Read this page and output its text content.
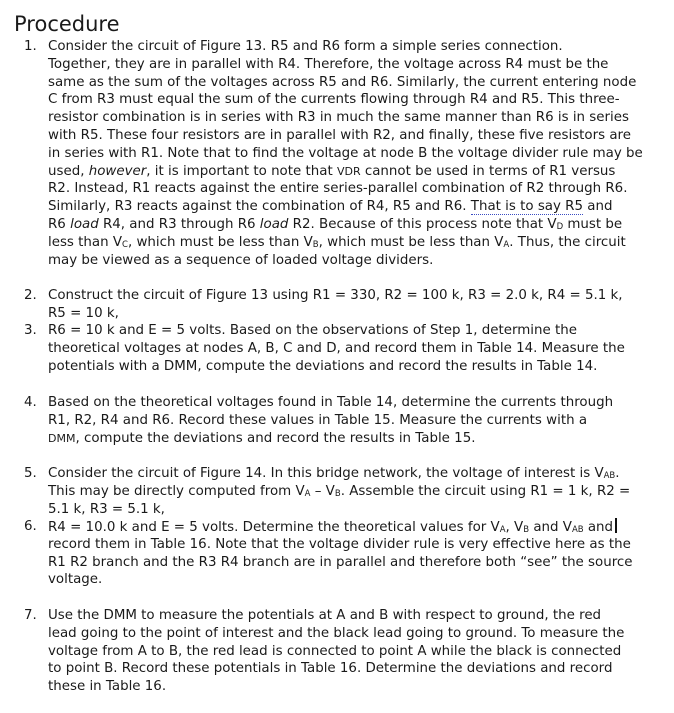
Procedure
1. Consider the circuit of Figure 13. R5 and R6 form a simple series connection.
Together, they are in parallel with R4. Therefore, the voltage across R4 must be the
same as the sum of the voltages across R5 and R6. Similarly, the current entering node
C from R3 must equal the sum of the currents flowing through R4 and R5. This three-
resistor combination is in series with R3 in much the same manner than R6 is in series
with R5. These four resistors are in parallel with R2, and finally, these five resistors are
in series with R1. Note that to find the voltage at node B the voltage divider rule may be
used, however, it is important to note that VDR cannot be used in terms of R1 versus
R2. Instead, R1 reacts against the entire series-parallel combination of R2 through R6.
Similarly, R3 reacts against the combination of R4, R5 and R6. That is to say R5 and
R6 load R4, and R3 through R6 load R2. Because of this process note that VD must be
less than VC, which must be less than VB, which must be less than VA. Thus, the circuit
may be viewed as a sequence of loaded voltage dividers.
2. Construct the circuit of Figure 13 using R1 = 330, R2 = 100 k, R3 = 2.0 k, R4 = 5.1 k,
R5 = 10 k,
3. R6 = 10 k and E = 5 volts. Based on the observations of Step 1, determine the
theoretical voltages at nodes A, B, C and D, and record them in Table 14. Measure the
potentials with a DMM, compute the deviations and record the results in Table 14.
4. Based on the theoretical voltages found in Table 14, determine the currents through
R1, R2, R4 and R6. Record these values in Table 15. Measure the currents with a
DMM, compute the deviations and record the results in Table 15.
5. Consider the circuit of Figure 14. In this bridge network, the voltage of interest is VAB.
This may be directly computed from VA – VB. Assemble the circuit using R1 = 1 k, R2 =
5.1 k, R3 = 5.1 k,
6. R4 = 10.0 k and E = 5 volts. Determine the theoretical values for VA, VB and VAB and
record them in Table 16. Note that the voltage divider rule is very effective here as the
R1 R2 branch and the R3 R4 branch are in parallel and therefore both “see” the source
voltage.
7. Use the DMM to measure the potentials at A and B with respect to ground, the red
lead going to the point of interest and the black lead going to ground. To measure the
voltage from A to B, the red lead is connected to point A while the black is connected
to point B. Record these potentials in Table 16. Determine the deviations and record
these in Table 16.
